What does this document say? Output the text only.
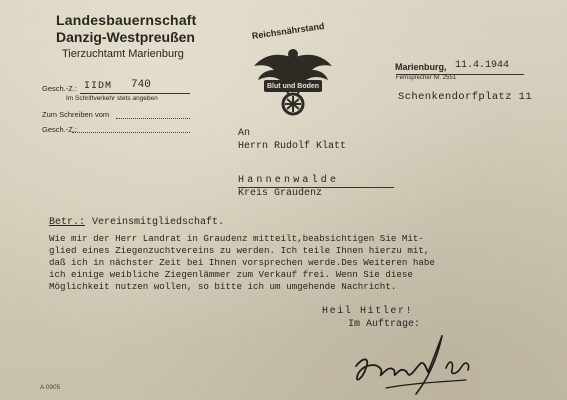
Landesbauernschaft
Danzig-Westpreußen
Tierzuchtamt Marienburg
Gesch.-Z.: IIDM 740
Im Schriftverkehr stets angeben
Zum Schreiben vom
Gesch.-Z.:
Reichsnährstand
Blut und Boden
Marienburg, 11.4.1944
Fernsprecher Nr. 2551
Schenkendorfplatz 11
An
Herrn Rudolf Klatt
Hannenwalde
Kreis Graudenz
Betr.: Vereinsmitgliedschaft.
Wie mir der Herr Landrat in Graudenz mitteilt,beabsichtigen Sie Mit-
glied eines Ziegenzuchtvereins zu werden. Ich teile Ihnen hierzu mit,
daß ich in nächster Zeit bei Ihnen vorsprechen werde.Des Weiteren habe
ich einige weibliche Ziegenlämmer zum Verkauf frei. Wenn Sie diese
Möglichkeit nutzen wollen, so bitte ich um umgehende Nachricht.
Heil Hitler!
Im Auftrage:
A 0905
